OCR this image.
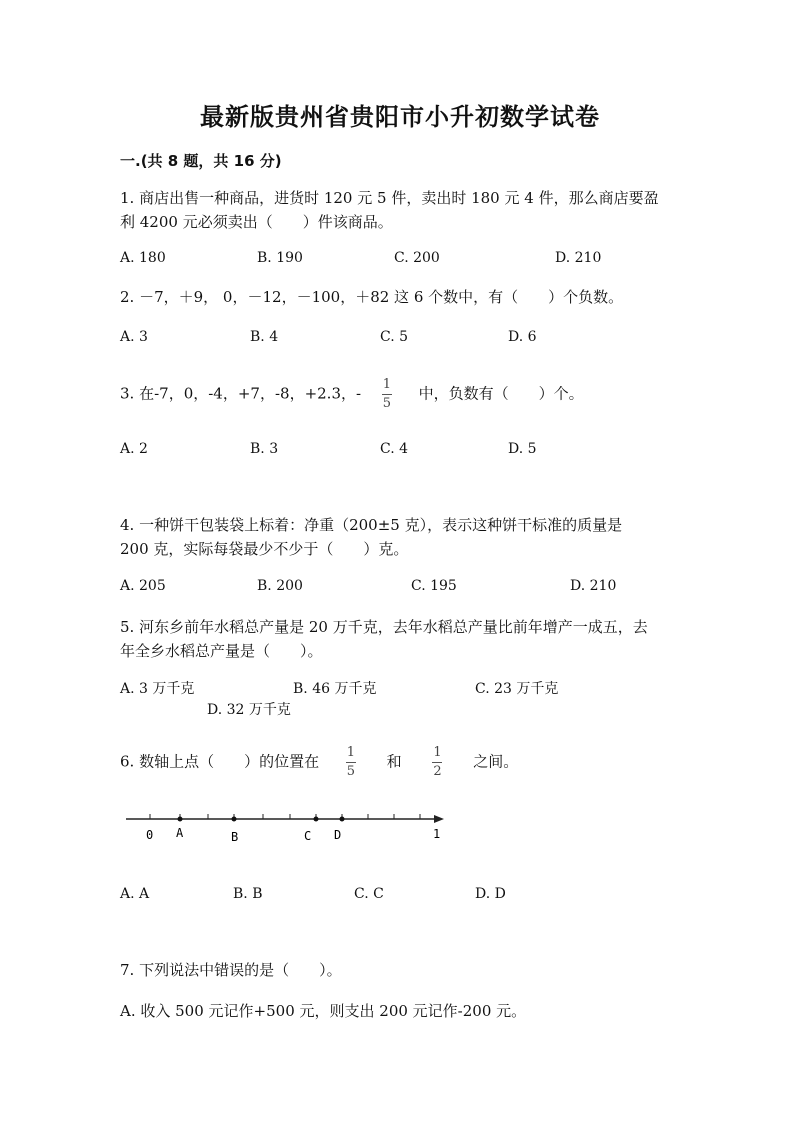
最新版贵州省贵阳市小升初数学试卷
一.(共 8 题，共 16 分)
1. 商店出售一种商品，进货时 120 元 5 件，卖出时 180 元 4 件，那么商店要盈
利 4200 元必须卖出（　　）件该商品。
A. 180	B. 190	C. 200	D. 210
2. －7，＋9， 0，－12，－100，＋82 这 6 个数中，有（　　）个负数。
A. 3	B. 4	C. 5	D. 6
3. 在-7，0，-4，+7，-8，+2.3，- $\frac{1}{5}$ 中，负数有（　　）个。
A. 2	B. 3	C. 4	D. 5
4. 一种饼干包装袋上标着：净重（200±5 克），表示这种饼干标准的质量是
200 克，实际每袋最少不少于（　　）克。
A. 205	B. 200	C. 195	D. 210
5. 河东乡前年水稻总产量是 20 万千克，去年水稻总产量比前年增产一成五，去
年全乡水稻总产量是（　　）。
A. 3 万千克	B. 46 万千克	C. 23 万千克
D. 32 万千克
6. 数轴上点（　　）的位置在 $\frac{1}{5}$ 和 $\frac{1}{2}$ 之间。
0 A	B	C D	1
A. A	B. B	C. C	D. D
7. 下列说法中错误的是（　　）。
A. 收入 500 元记作+500 元，则支出 200 元记作-200 元。
